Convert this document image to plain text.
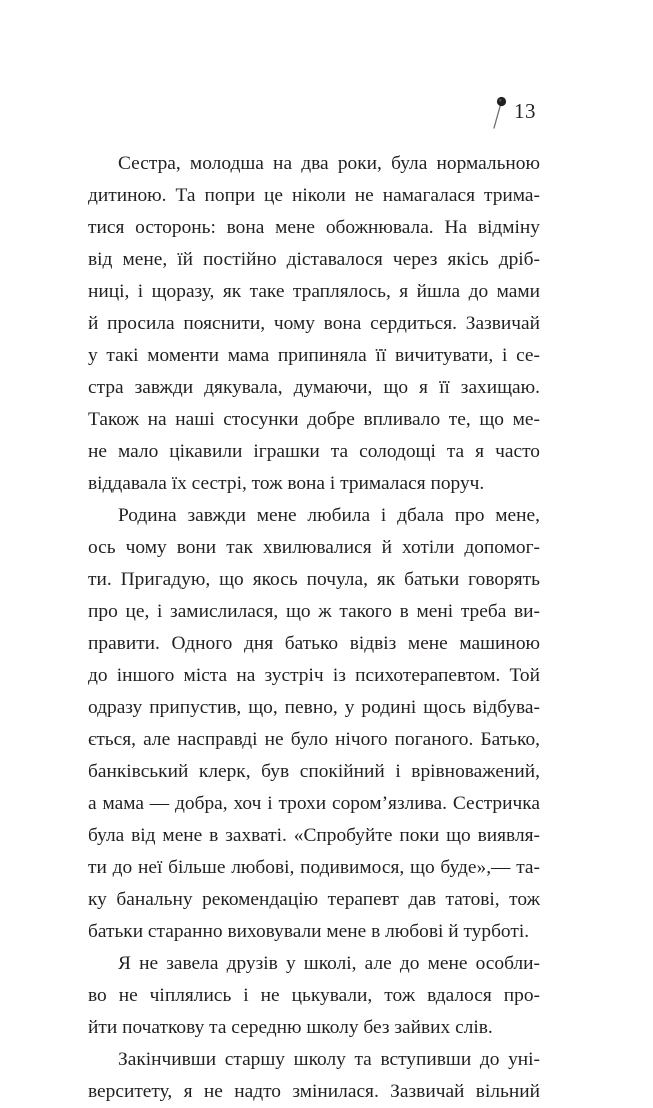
13
Сестра, молодша на два роки, була нормальною
дитиною. Та попри це ніколи не намагалася трима-
тися осторонь: вона мене обожнювала. На відміну
від мене, їй постійно діставалося через якісь дріб-
ниці, і щоразу, як таке траплялось, я йшла до мами
й просила пояснити, чому вона сердиться. Зазвичай
у такі моменти мама припиняла її вичитувати, і се-
стра завжди дякувала, думаючи, що я її захищаю.
Також на наші стосунки добре впливало те, що ме-
не мало цікавили іграшки та солодощі та я часто
віддавала їх сестрі, тож вона і трималася поруч.
Родина завжди мене любила і дбала про мене,
ось чому вони так хвилювалися й хотіли допомог-
ти. Пригадую, що якось почула, як батьки говорять
про це, і замислилася, що ж такого в мені треба ви-
правити. Одного дня батько відвіз мене машиною
до іншого міста на зустріч із психотерапевтом. Той
одразу припустив, що, певно, у родині щось відбува-
ється, але насправді не було нічого поганого. Батько,
банківський клерк, був спокійний і врівноважений,
а мама — добра, хоч і трохи сором’язлива. Сестричка
була від мене в захваті. «Спробуйте поки що виявля-
ти до неї більше любові, подивимося, що буде»,— та-
ку банальну рекомендацію терапевт дав татові, тож
батьки старанно виховували мене в любові й турботі.
Я не завела друзів у школі, але до мене особли-
во не чіплялись і не цькували, тож вдалося про-
йти початкову та середню школу без зайвих слів.
Закінчивши старшу школу та вступивши до уні-
верситету, я не надто змінилася. Зазвичай вільний
